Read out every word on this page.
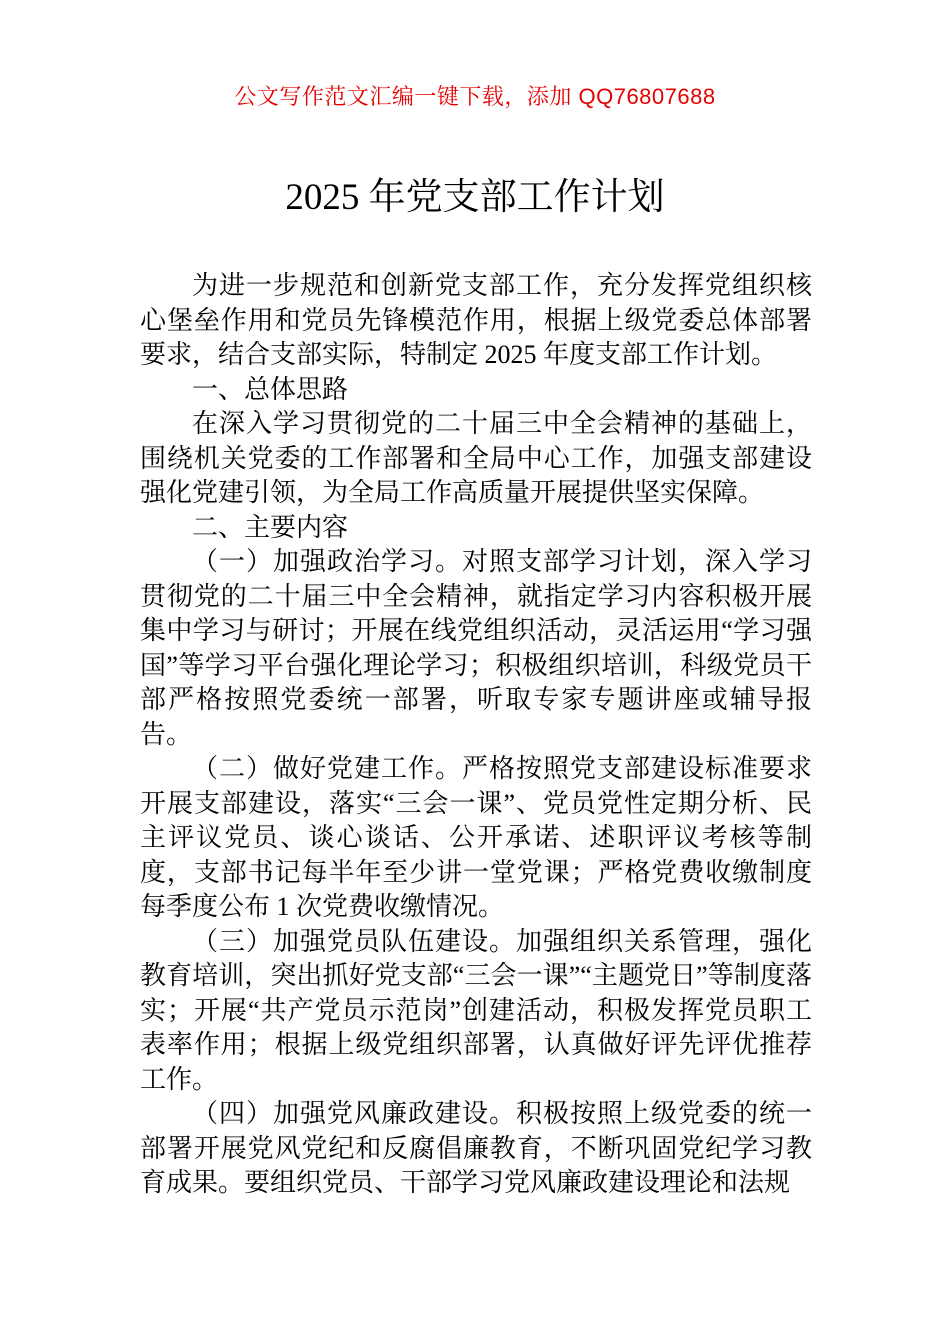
公文写作范文汇编一键下载，添加 QQ76807688
2025 年党支部工作计划

为进一步规范和创新党支部工作，充分发挥党组织核心堡垒作用和党员先锋模范作用，根据上级党委总体部署要求，结合支部实际，特制定 2025 年度支部工作计划。

一、总体思路

在深入学习贯彻党的二十届三中全会精神的基础上，围绕机关党委的工作部署和全局中心工作，加强支部建设强化党建引领，为全局工作高质量开展提供坚实保障。

二、主要内容

（一）加强政治学习。对照支部学习计划，深入学习贯彻党的二十届三中全会精神，就指定学习内容积极开展集中学习与研讨；开展在线党组织活动，灵活运用“学习强国”等学习平台强化理论学习；积极组织培训，科级党员干部严格按照党委统一部署，听取专家专题讲座或辅导报告。

（二）做好党建工作。严格按照党支部建设标准要求开展支部建设，落实“三会一课”、党员党性定期分析、民主评议党员、谈心谈话、公开承诺、述职评议考核等制度，支部书记每半年至少讲一堂党课；严格党费收缴制度每季度公布 1 次党费收缴情况。

（三）加强党员队伍建设。加强组织关系管理，强化教育培训，突出抓好党支部“三会一课”“主题党日”等制度落实；开展“共产党员示范岗”创建活动，积极发挥党员职工表率作用；根据上级党组织部署，认真做好评先评优推荐工作。

（四）加强党风廉政建设。积极按照上级党委的统一部署开展党风党纪和反腐倡廉教育，不断巩固党纪学习教育成果。要组织党员、干部学习党风廉政建设理论和法规
